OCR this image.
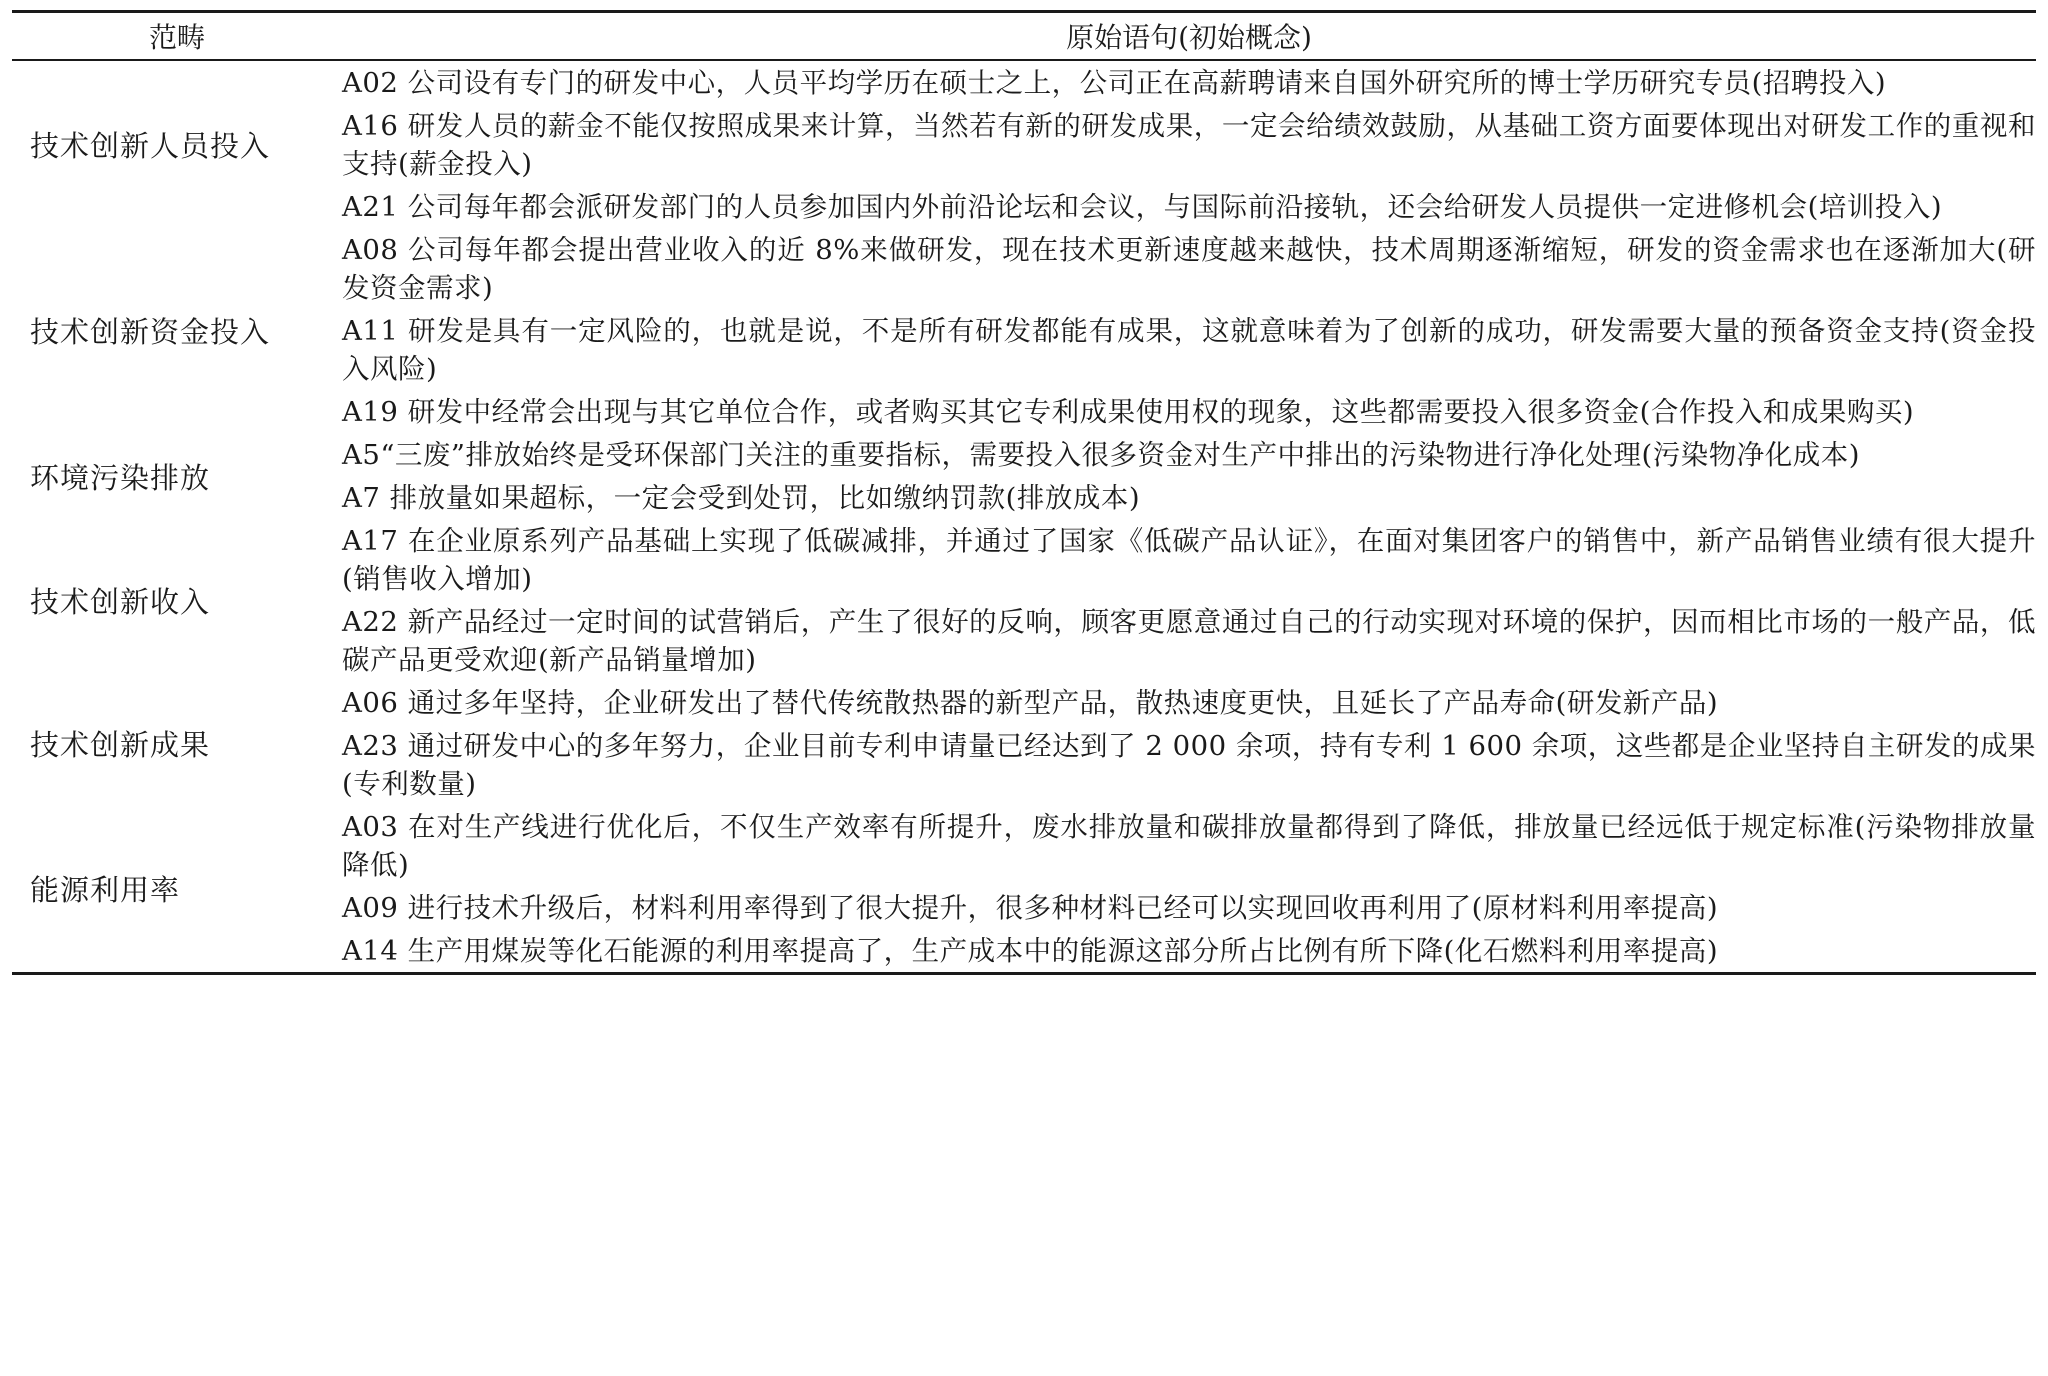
范畴	原始语句(初始概念)
技术创新人员投入	A02 公司设有专门的研发中心，人员平均学历在硕士之上，公司正在高薪聘请来自国外研究所的博士学历研究专员(招聘投入)
	A16 研发人员的薪金不能仅按照成果来计算，当然若有新的研发成果，一定会给绩效鼓励，从基础工资方面要体现出对研发工作的重视和支持(薪金投入)
	A21 公司每年都会派研发部门的人员参加国内外前沿论坛和会议，与国际前沿接轨，还会给研发人员提供一定进修机会(培训投入)
技术创新资金投入	A08 公司每年都会提出营业收入的近 8%来做研发，现在技术更新速度越来越快，技术周期逐渐缩短，研发的资金需求也在逐渐加大(研发资金需求)
	A11 研发是具有一定风险的，也就是说，不是所有研发都能有成果，这就意味着为了创新的成功，研发需要大量的预备资金支持(资金投入风险)
	A19 研发中经常会出现与其它单位合作，或者购买其它专利成果使用权的现象，这些都需要投入很多资金(合作投入和成果购买)
环境污染排放	A5“三废”排放始终是受环保部门关注的重要指标，需要投入很多资金对生产中排出的污染物进行净化处理(污染物净化成本)
	A7 排放量如果超标，一定会受到处罚，比如缴纳罚款(排放成本)
技术创新收入	A17 在企业原系列产品基础上实现了低碳减排，并通过了国家《低碳产品认证》，在面对集团客户的销售中，新产品销售业绩有很大提升(销售收入增加)
	A22 新产品经过一定时间的试营销后，产生了很好的反响，顾客更愿意通过自己的行动实现对环境的保护，因而相比市场的一般产品，低碳产品更受欢迎(新产品销量增加)
技术创新成果	A06 通过多年坚持，企业研发出了替代传统散热器的新型产品，散热速度更快，且延长了产品寿命(研发新产品)
	A23 通过研发中心的多年努力，企业目前专利申请量已经达到了 2 000 余项，持有专利 1 600 余项，这些都是企业坚持自主研发的成果(专利数量)
能源利用率	A03 在对生产线进行优化后，不仅生产效率有所提升，废水排放量和碳排放量都得到了降低，排放量已经远低于规定标准(污染物排放量降低)
	A09 进行技术升级后，材料利用率得到了很大提升，很多种材料已经可以实现回收再利用了(原材料利用率提高)
	A14 生产用煤炭等化石能源的利用率提高了，生产成本中的能源这部分所占比例有所下降(化石燃料利用率提高)
